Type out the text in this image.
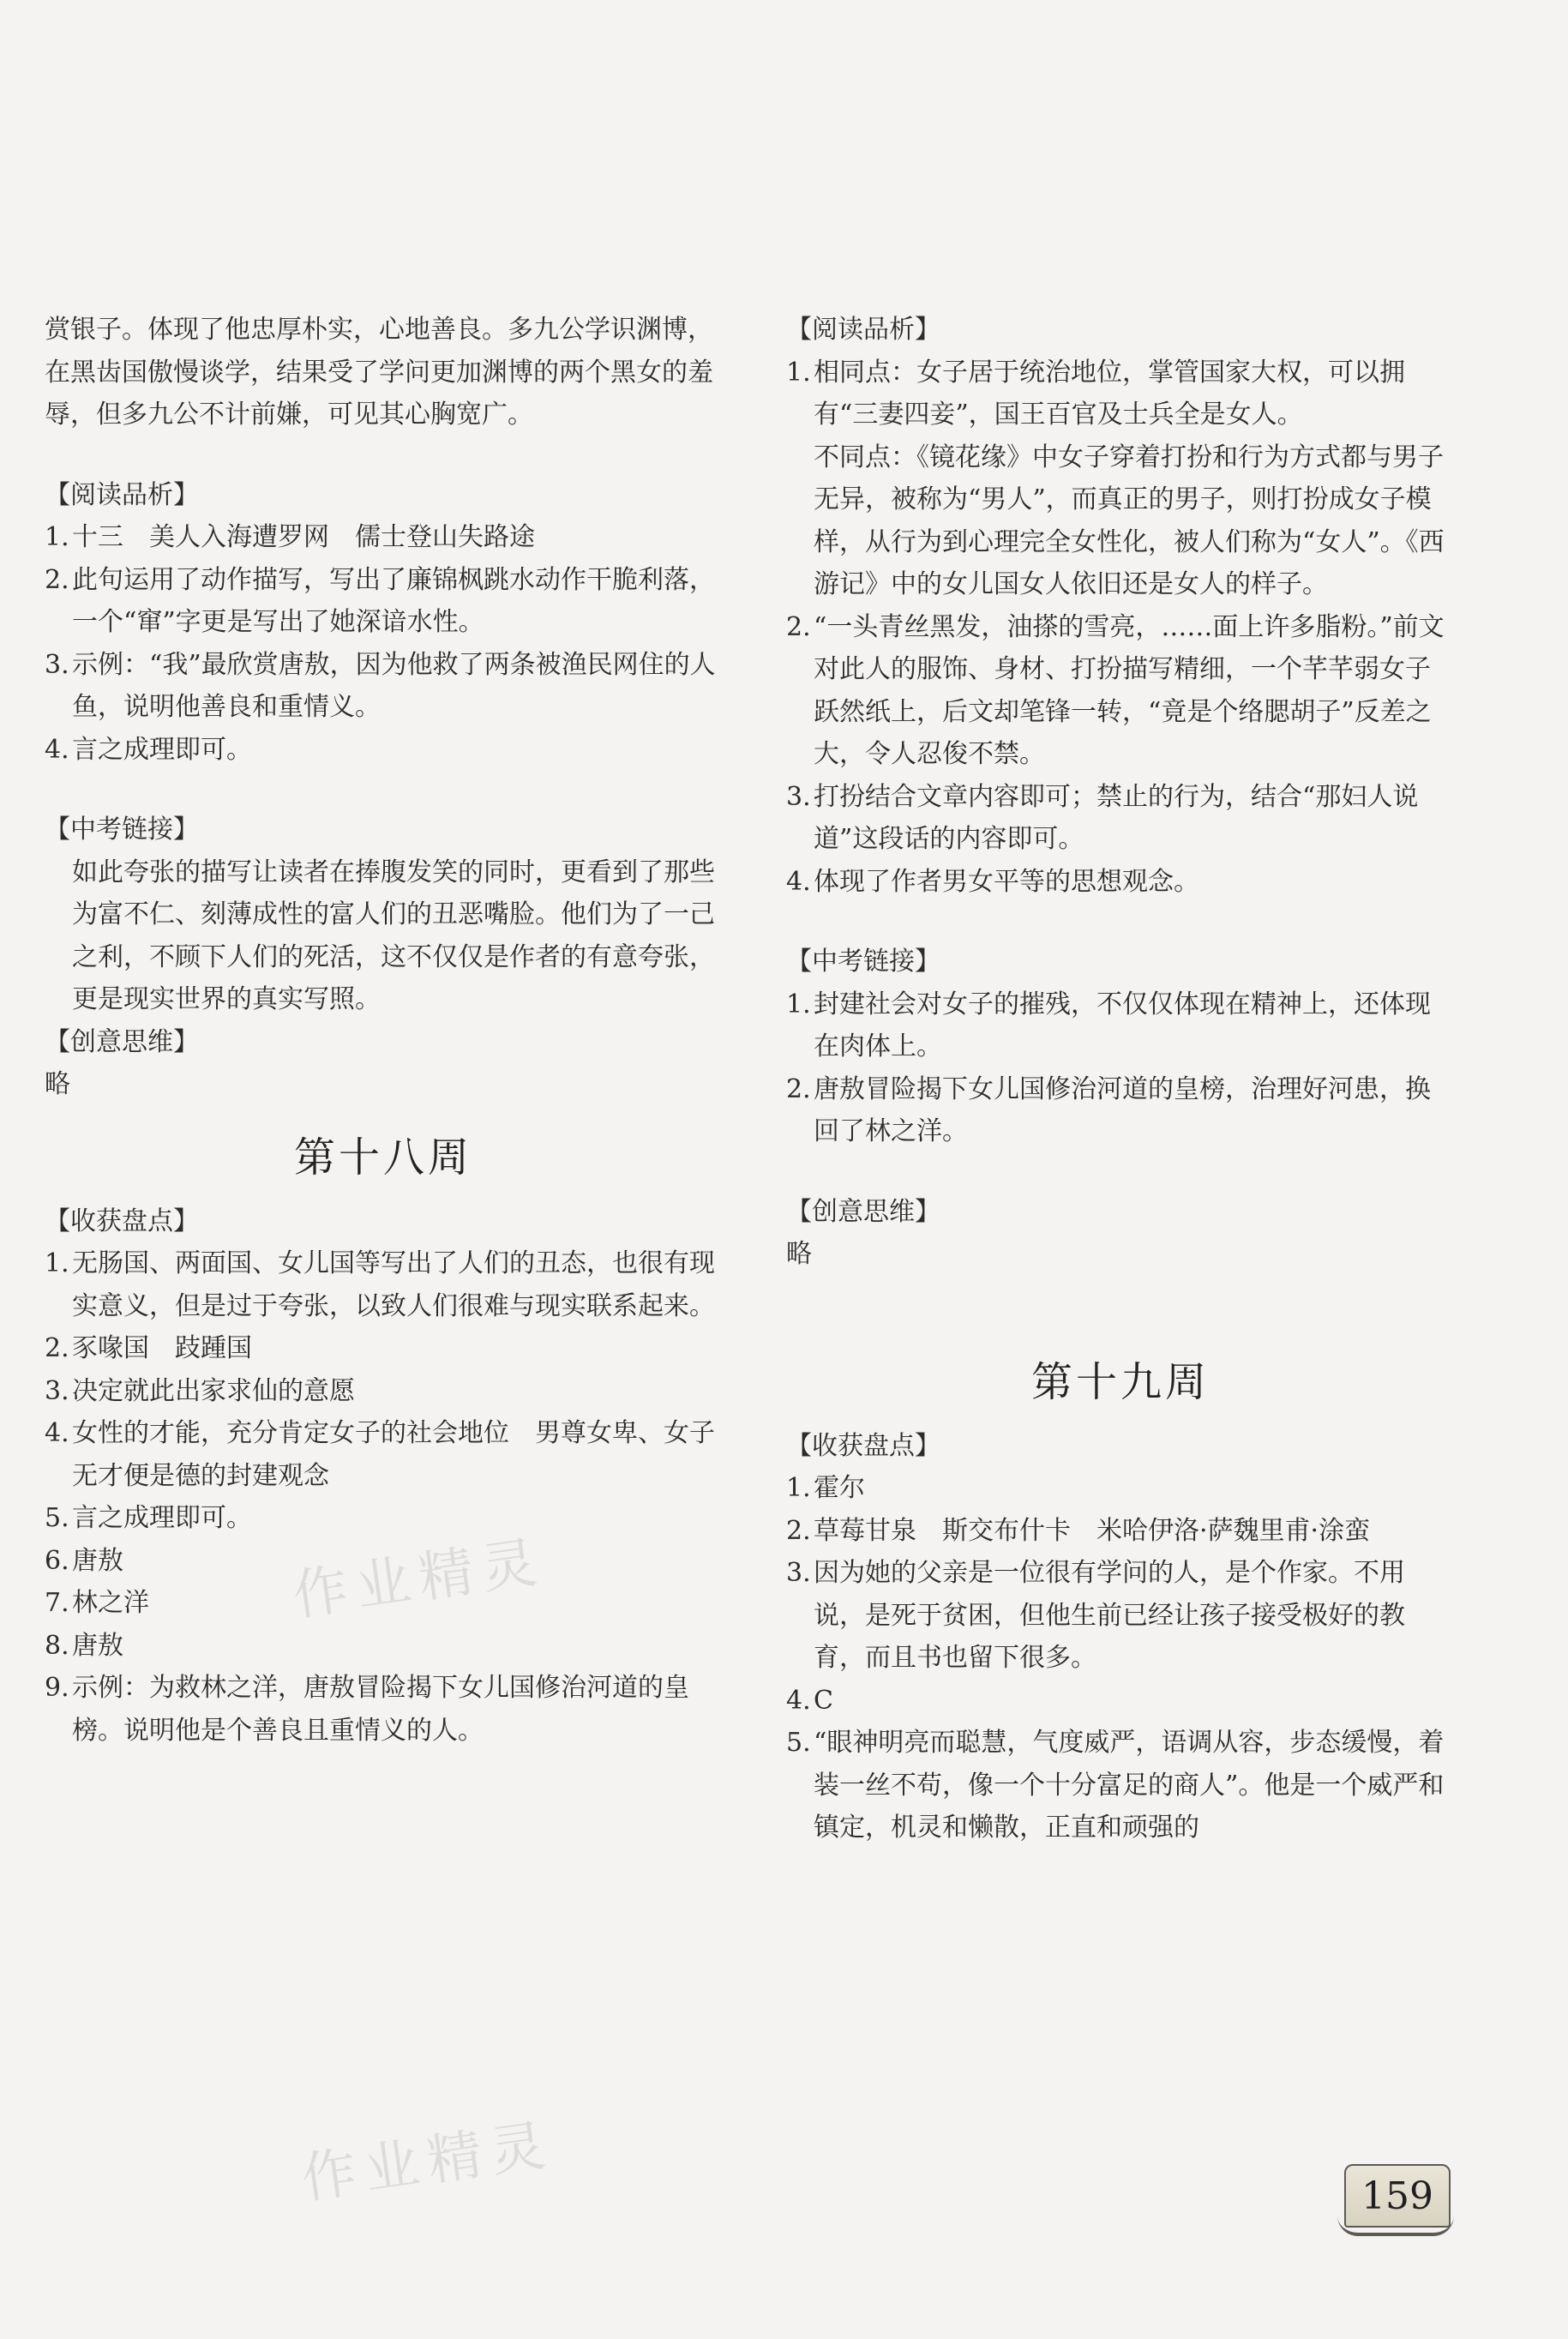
赏银子。体现了他忠厚朴实，心地善良。多九公学识渊博，在黑齿国傲慢谈学，结果受了学问更加渊博的两个黑女的羞辱，但多九公不计前嫌，可见其心胸宽广。

【阅读品析】

1. 十三　美人入海遭罗网　儒士登山失路途

2. 此句运用了动作描写，写出了廉锦枫跳水动作干脆利落，一个“窜”字更是写出了她深谙水性。

3. 示例：“我”最欣赏唐敖，因为他救了两条被渔民网住的人鱼，说明他善良和重情义。

4. 言之成理即可。

【中考链接】

如此夸张的描写让读者在捧腹发笑的同时，更看到了那些为富不仁、刻薄成性的富人们的丑恶嘴脸。他们为了一己之利，不顾下人们的死活，这不仅仅是作者的有意夸张，更是现实世界的真实写照。

【创意思维】

略

第十八周
【收获盘点】

1. 无肠国、两面国、女儿国等写出了人们的丑态，也很有现实意义，但是过于夸张，以致人们很难与现实联系起来。

2. 豕喙国　跂踵国

3. 决定就此出家求仙的意愿

4. 女性的才能，充分肯定女子的社会地位　男尊女卑、女子无才便是德的封建观念

5. 言之成理即可。

6. 唐敖

7. 林之洋

8. 唐敖

9. 示例：为救林之洋，唐敖冒险揭下女儿国修治河道的皇榜。说明他是个善良且重情义的人。

【阅读品析】

1. 相同点：女子居于统治地位，掌管国家大权，可以拥有“三妻四妾”，国王百官及士兵全是女人。

不同点：《镜花缘》中女子穿着打扮和行为方式都与男子无异，被称为“男人”，而真正的男子，则打扮成女子模样，从行为到心理完全女性化，被人们称为“女人”。《西游记》中的女儿国女人依旧还是女人的样子。

2. “一头青丝黑发，油搽的雪亮，……面上许多脂粉。”前文对此人的服饰、身材、打扮描写精细，一个芊芊弱女子跃然纸上，后文却笔锋一转，“竟是个络腮胡子”反差之大，令人忍俊不禁。

3. 打扮结合文章内容即可；禁止的行为，结合“那妇人说道”这段话的内容即可。

4. 体现了作者男女平等的思想观念。

【中考链接】

1. 封建社会对女子的摧残，不仅仅体现在精神上，还体现在肉体上。

2. 唐敖冒险揭下女儿国修治河道的皇榜，治理好河患，换回了林之洋。

【创意思维】

略

第十九周
【收获盘点】

1. 霍尔

2. 草莓甘泉　斯交布什卡　米哈伊洛·萨魏里甫·涂蛮

3. 因为她的父亲是一位很有学问的人，是个作家。不用说，是死于贫困，但他生前已经让孩子接受极好的教育，而且书也留下很多。

4. C

5. “眼神明亮而聪慧，气度威严，语调从容，步态缓慢，着装一丝不苟，像一个十分富足的商人”。他是一个威严和镇定，机灵和懒散，正直和顽强的

作业精灵
作业精灵	159
